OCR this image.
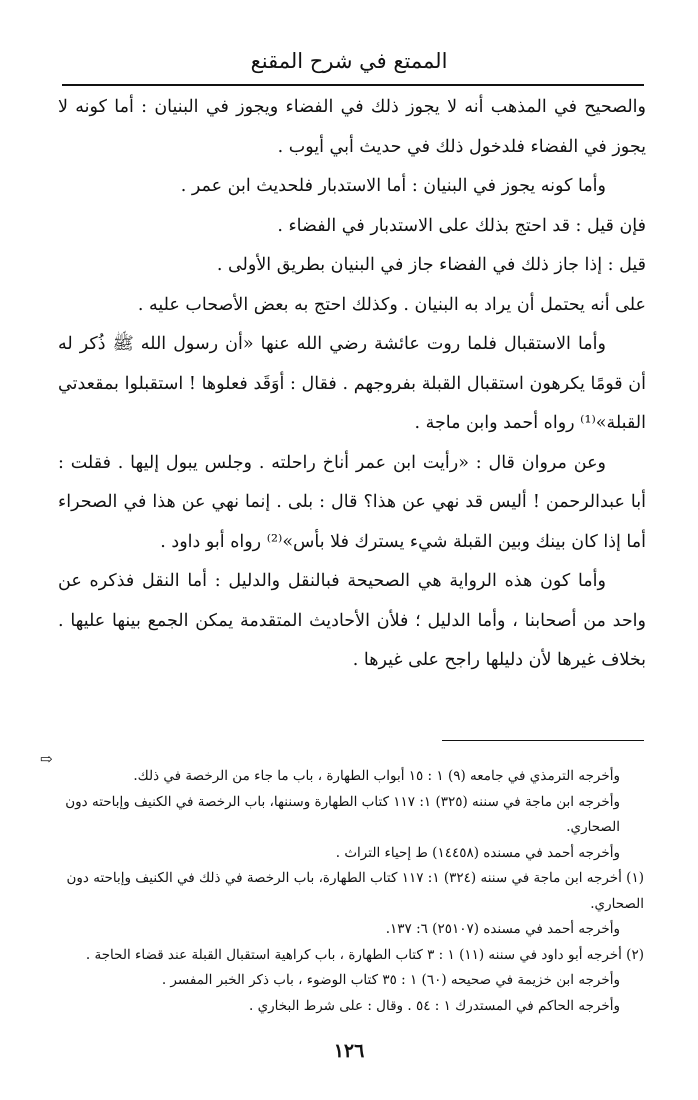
الممتع في شرح المقنع

والصحيح في المذهب أنه لا يجوز ذلك في الفضاء ويجوز في البنيان : أما كونه لا يجوز في الفضاء فلدخول ذلك في حديث أبي أيوب .

وأما كونه يجوز في البنيان : أما الاستدبار فلحديث ابن عمر .

فإن قيل : قد احتج بذلك على الاستدبار في الفضاء .

قيل : إذا جاز ذلك في الفضاء جاز في البنيان بطريق الأولى .

على أنه يحتمل أن يراد به البنيان . وكذلك احتج به بعض الأصحاب عليه .

وأما الاستقبال فلما روت عائشة رضي الله عنها «أن رسول الله ﷺ ذُكر له أن قومًا يكرهون استقبال القبلة بفروجهم . فقال : أوَقَد فعلوها ! استقبلوا بمقعدتي القبلة»⁽¹⁾ رواه أحمد وابن ماجة .

وعن مروان قال : «رأيت ابن عمر أناخ راحلته . وجلس يبول إليها . فقلت : أبا عبدالرحمن ! أليس قد نهي عن هذا؟ قال : بلى . إنما نهي عن هذا في الصحراء أما إذا كان بينك وبين القبلة شيء يسترك فلا بأس»⁽²⁾ رواه أبو داود .

وأما كون هذه الرواية هي الصحيحة فبالنقل والدليل : أما النقل فذكره عن واحد من أصحابنا ، وأما الدليل ؛ فلأن الأحاديث المتقدمة يمكن الجمع بينها عليها . بخلاف غيرها لأن دليلها راجح على غيرها .

⇨

وأخرجه الترمذي في جامعه (٩) ١ : ١٥ أبواب الطهارة ، باب ما جاء من الرخصة في ذلك.

وأخرجه ابن ماجة في سننه (٣٢٥) ١: ١١٧ كتاب الطهارة وسننها، باب الرخصة في الكنيف وإباحته دون الصحاري.

وأخرجه أحمد في مسنده (١٤٤٥٨) ط إحياء التراث .

(١) أخرجه ابن ماجة في سننه (٣٢٤) ١: ١١٧ كتاب الطهارة، باب الرخصة في ذلك في الكنيف وإباحته دون الصحاري.

وأخرجه أحمد في مسنده (٢٥١٠٧) ٦: ١٣٧.

(٢) أخرجه أبو داود في سننه (١١) ١ : ٣ كتاب الطهارة ، باب كراهية استقبال القبلة عند قضاء الحاجة .

وأخرجه ابن خزيمة في صحيحه (٦٠) ١ : ٣٥ كتاب الوضوء ، باب ذكر الخبر المفسر .

وأخرجه الحاكم في المستدرك ١ : ٥٤ . وقال : على شرط البخاري .

١٢٦
